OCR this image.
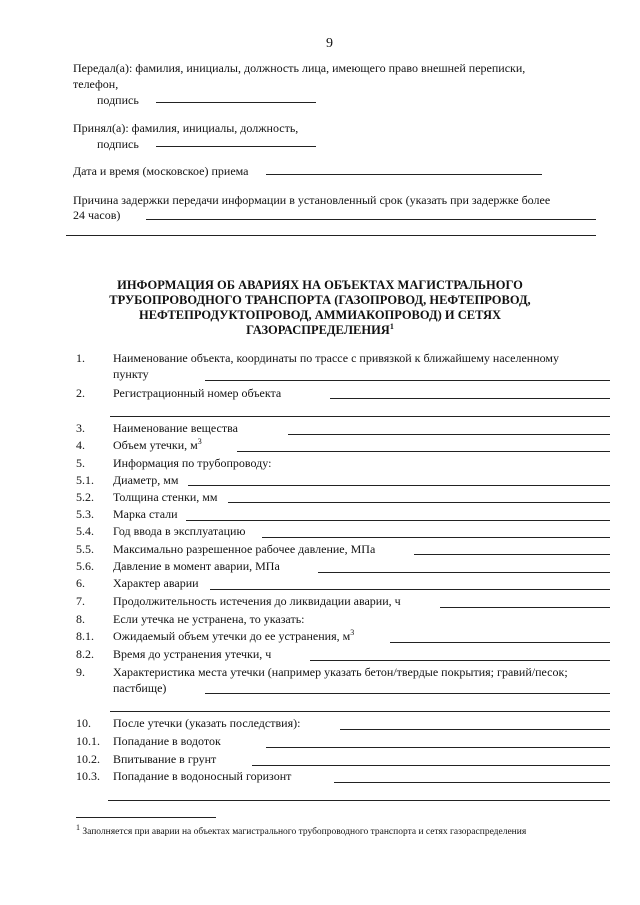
9
Передал(а): фамилия, инициалы, должность лица, имеющего право внешней переписки,
телефон,
подпись
Принял(а): фамилия, инициалы, должность,
подпись
Дата и время (московское) приема
Причина задержки передачи информации в установленный срок (указать при задержке более
24 часов)
ИНФОРМАЦИЯ ОБ АВАРИЯХ НА ОБЪЕКТАХ МАГИСТРАЛЬНОГО
ТРУБОПРОВОДНОГО ТРАНСПОРТА (ГАЗОПРОВОД, НЕФТЕПРОВОД,
НЕФТЕПРОДУКТОПРОВОД, АММИАКОПРОВОД) И СЕТЯХ
ГАЗОРАСПРЕДЕЛЕНИЯ$^1$
1. Наименование объекта, координаты по трассе с привязкой к ближайшему населенному
пункту
2. Регистрационный номер объекта
3. Наименование вещества
4. Объем утечки, $м^3$
5. Информация по трубопроводу:
5.1. Диаметр, мм
5.2. Толщина стенки, мм
5.3. Марка стали
5.4. Год ввода в эксплуатацию
5.5. Максимально разрешенное рабочее давление, МПа
5.6. Давление в момент аварии, МПа
6. Характер аварии
7. Продолжительность истечения до ликвидации аварии, ч
8. Если утечка не устранена, то указать:
8.1. Ожидаемый объем утечки до ее устранения, $м^3$
8.2. Время до устранения утечки, ч
9. Характеристика места утечки (например указать бетон/твердые покрытия; гравий/песок;
пастбище)
10. После утечки (указать последствия):
10.1. Попадание в водоток
10.2. Впитывание в грунт
10.3. Попадание в водоносный горизонт
$^1$ Заполняется при аварии на объектах магистрального трубопроводного транспорта и сетях газораспределения
